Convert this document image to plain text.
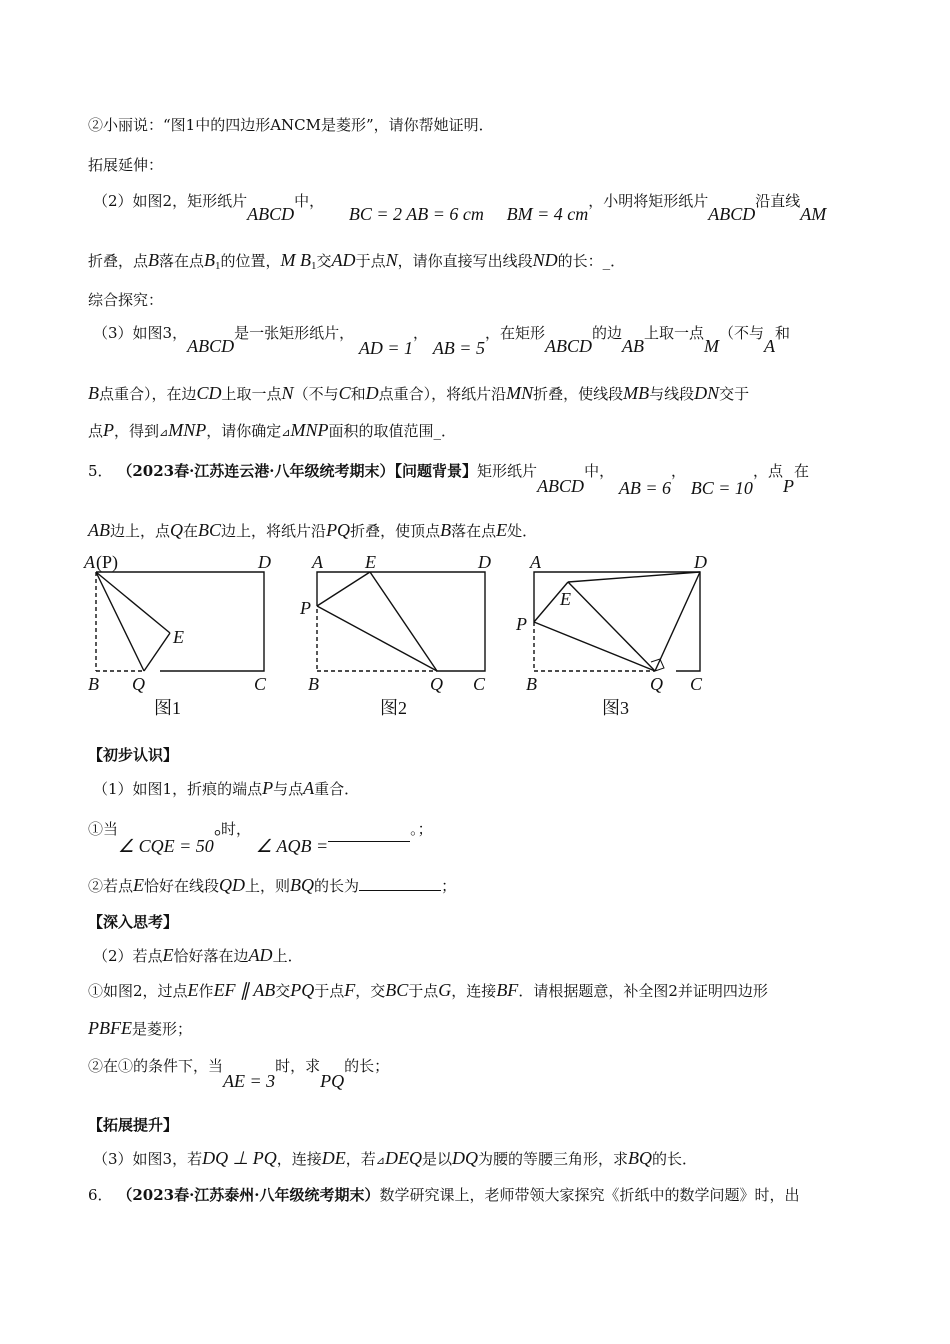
②小丽说：“图1中的四边形ANCM是菱形”，请你帮她证明．
拓展延伸：
（2）如图2，矩形纸片ABCD中， BC = 2 AB = 6 cm BM = 4 cm，小明将矩形纸片ABCD沿直线AM
折叠，点B落在点$B_1$的位置，M $B_1$交AD于点N，请你直接写出线段ND的长：_．
综合探究：
（3）如图3，ABCD是一张矩形纸片， AD = 1， AB = 5，在矩形ABCD的边AB上取一点M（不与A和
B点重合），在边CD上取一点N（不与C和D点重合），将纸片沿MN折叠，使线段MB与线段DN交于
点P，得到⊿MNP，请你确定⊿MNP面积的取值范围_．
5． （2023春·江苏连云港·八年级统考期末）【问题背景】矩形纸片ABCD中， AB = 6， BC = 10，点P在
AB边上，点Q在BC边上，将纸片沿PQ折叠，使顶点B落在点E处．
A (P)	D
E
B Q	C
A E	D
P
B	Q C
A	D
E
P
B	Q C
图1	图2	图3
【初步认识】
（1）如图1，折痕的端点P与点A重合．
①当∠ CQE = 50°时， ∠ AQB =。；
②若点E恰好在线段QD上，则BQ的长为	；
【深入思考】
（2）若点E恰好落在边AD上．
①如图2，过点E作EF ∥ AB交PQ于点F，交BC于点G，连接BF．请根据题意，补全图2并证明四边形
PBFE是菱形；
②在①的条件下，当AE = 3时，求PQ的长；
【拓展提升】
（3）如图3，若DQ ⊥ PQ，连接DE，若⊿DEQ是以DQ为腰的等腰三角形，求BQ的长．
6． （2023春·江苏泰州·八年级统考期末）数学研究课上，老师带领大家探究《折纸中的数学问题》时，出
